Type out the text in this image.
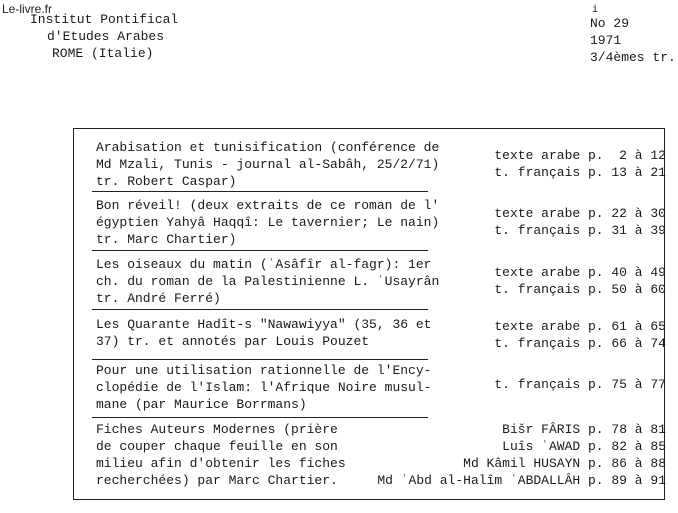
Le-livre.fr
Institut Pontifical
d'Etudes Arabes
ROME (Italie)
i
No 29
1971
3/4èmes tr.
Arabisation et tunisification (conférence de
Md Mzali, Tunis - journal al-Sabâh, 25/2/71)
tr. Robert Caspar)
texte arabe p.  2 à 12
t. français p. 13 à 21
Bon réveil! (deux extraits de ce roman de l'
égyptien Yahyâ Haqqî: Le tavernier; Le nain)
tr. Marc Chartier)
texte arabe p. 22 à 30
t. français p. 31 à 39
Les oiseaux du matin (ʿAsâfîr al-fagr): 1er
ch. du roman de la Palestinienne L. ʿUsayrân
tr. André Ferré)
texte arabe p. 40 à 49
t. français p. 50 à 60
Les Quarante Hadît-s "Nawawiyya" (35, 36 et
37) tr. et annotés par Louis Pouzet
texte arabe p. 61 à 65
t. français p. 66 à 74
Pour une utilisation rationnelle de l'Ency-
clopédie de l'Islam: l'Afrique Noire musul-
mane (par Maurice Borrmans)
t. français p. 75 à 77
Fiches Auteurs Modernes (prière
de couper chaque feuille en son
milieu afin d'obtenir les fiches
recherchées) par Marc Chartier.
Bišr FÂRIS p. 78 à 81
Luîs ʿAWAD p. 82 à 85
Md Kâmil HUSAYN p. 86 à 88
Md ʿAbd al-Halîm ʿABDALLÂH p. 89 à 91
